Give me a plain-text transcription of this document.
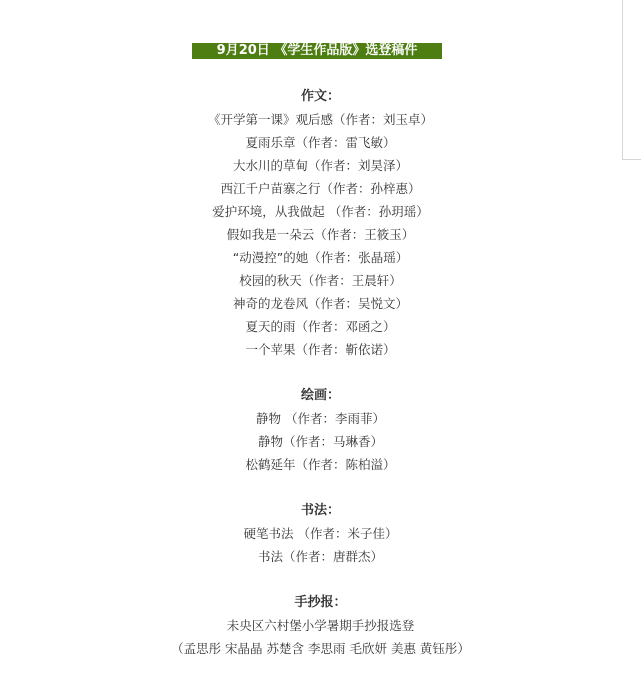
9月20日 《学生作品版》选登稿件
作文：
《开学第一课》观后感（作者：刘玉卓）
夏雨乐章（作者：雷飞敏）
大水川的草甸（作者：刘昊泽）
西江千户苗寨之行（作者：孙梓惠）
爱护环境，从我做起 （作者：孙玥瑶）
假如我是一朵云（作者：王筱玉）
“动漫控”的她（作者：张晶瑶）
校园的秋天（作者：王晨轩）
神奇的龙卷风（作者：吴悦文）
夏天的雨（作者：邓函之）
一个苹果（作者：靳依诺）
绘画：
静物 （作者：李雨菲）
静物（作者：马琳香）
松鹤延年（作者：陈柏溢）
书法：
硬笔书法 （作者：米子佳）
书法（作者：唐群杰）
手抄报：
未央区六村堡小学暑期手抄报选登
（孟思彤 宋晶晶 苏楚含 李思雨 毛欣妍 美惠 黄钰彤）
